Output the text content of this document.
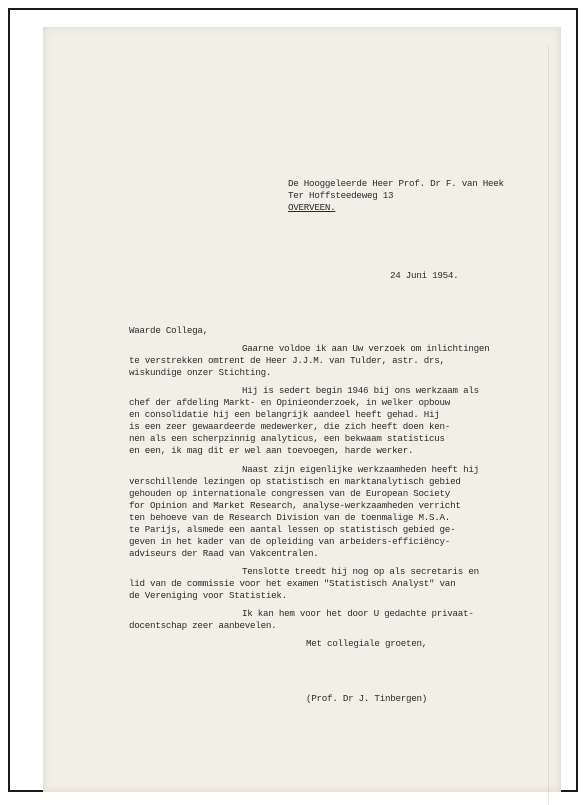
De Hooggeleerde Heer Prof. Dr F. van Heek
Ter Hoffsteedeweg 13
OVERVEEN.
24 Juni 1954.
Waarde Collega,
Gaarne voldoe ik aan Uw verzoek om inlichtingen
te verstrekken omtrent de Heer J.J.M. van Tulder, astr. drs,
wiskundige onzer Stichting.
Hij is sedert begin 1946 bij ons werkzaam als
chef der afdeling Markt- en Opinieonderzoek, in welker opbouw
en consolidatie hij een belangrijk aandeel heeft gehad. Hij
is een zeer gewaardeerde medewerker, die zich heeft doen ken-
nen als een scherpzinnig analyticus, een bekwaam statisticus
en een, ik mag dit er wel aan toevoegen, harde werker.
Naast zijn eigenlijke werkzaamheden heeft hij
verschillende lezingen op statistisch en marktanalytisch gebied
gehouden op internationale congressen van de European Society
for Opinion and Market Research, analyse-werkzaamheden verricht
ten behoeve van de Research Division van de toenmalige M.S.A.
te Parijs, alsmede een aantal lessen op statistisch gebied ge-
geven in het kader van de opleiding van arbeiders-efficiëncy-
adviseurs der Raad van Vakcentralen.
Tenslotte treedt hij nog op als secretaris en
lid van de commissie voor het examen "Statistisch Analyst" van
de Vereniging voor Statistiek.
Ik kan hem voor het door U gedachte privaat-
docentschap zeer aanbevelen.
Met collegiale groeten,
(Prof. Dr J. Tinbergen)
